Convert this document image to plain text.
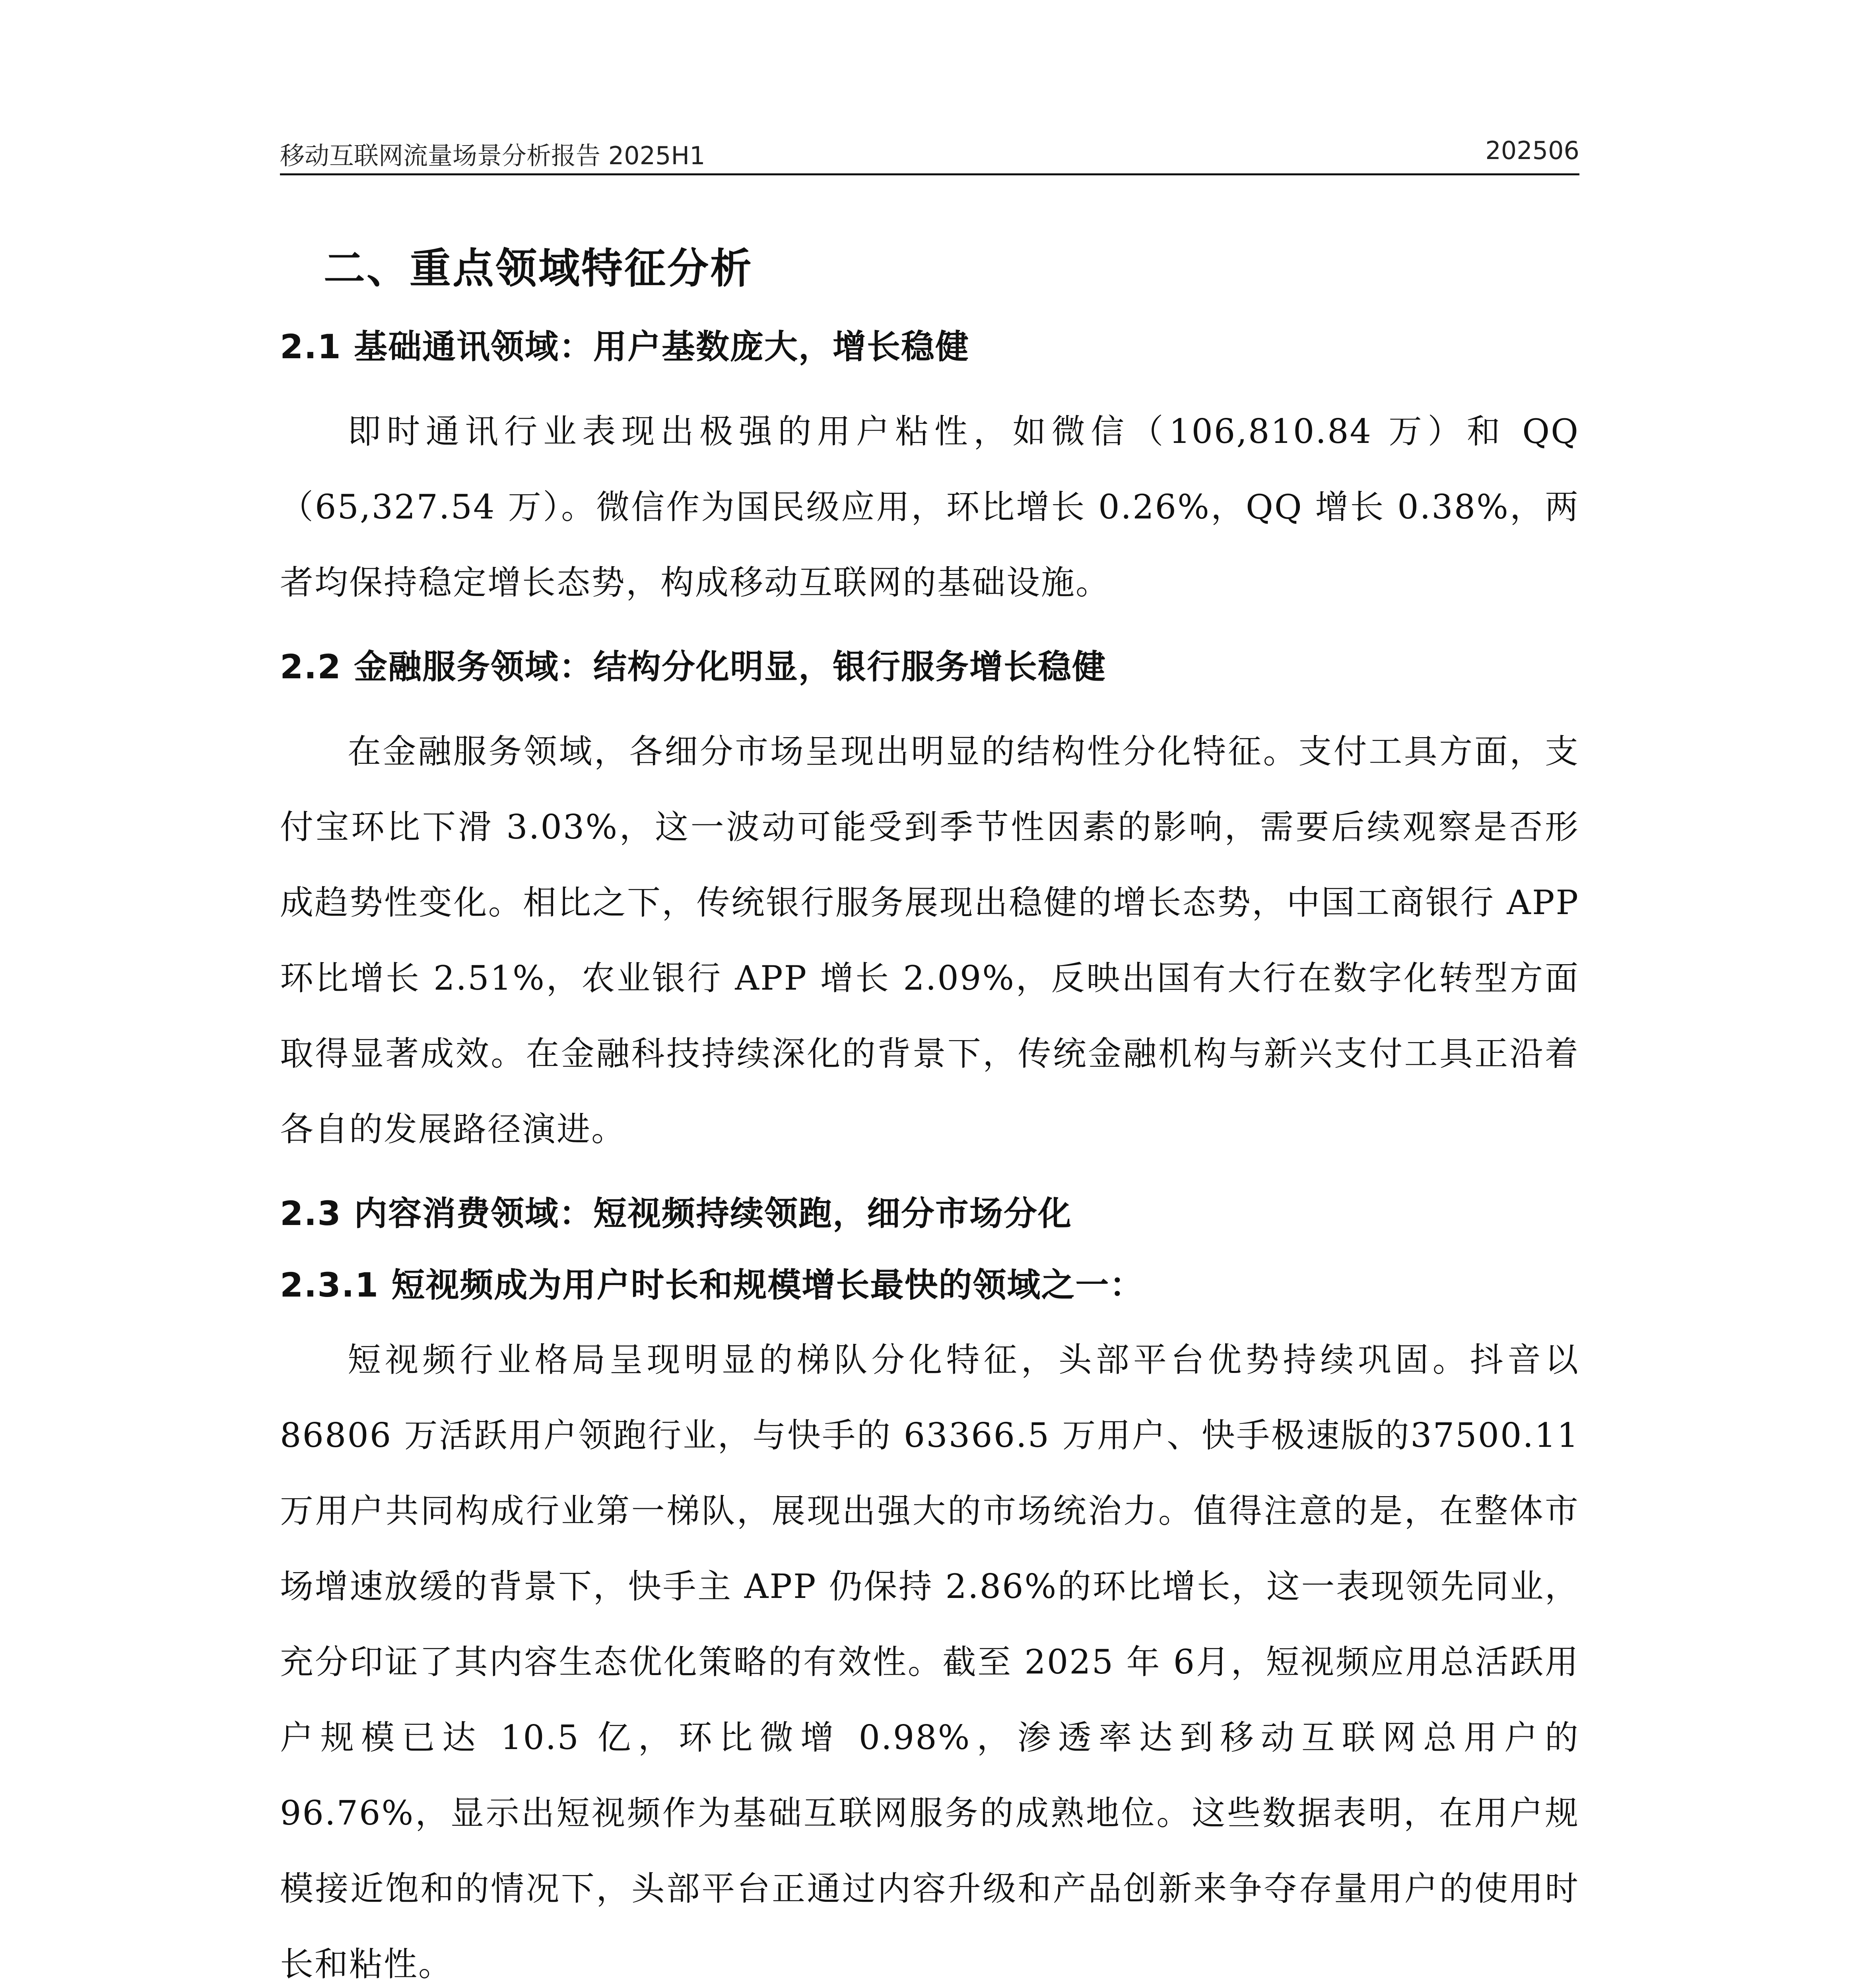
移动互联网流量场景分析报告 2025H1	202506
二、重点领域特征分析
2.1 基础通讯领域：用户基数庞大，增长稳健

即时通讯行业表现出极强的用户粘性，如微信（106,810.84 万）和 QQ（65,327.54 万）。微信作为国民级应用，环比增长 0.26%，QQ 增长 0.38%，两者均保持稳定增长态势，构成移动互联网的基础设施。

2.2 金融服务领域：结构分化明显，银行服务增长稳健

在金融服务领域，各细分市场呈现出明显的结构性分化特征。支付工具方面，支付宝环比下滑 3.03%，这一波动可能受到季节性因素的影响，需要后续观察是否形成趋势性变化。相比之下，传统银行服务展现出稳健的增长态势，中国工商银行 APP 环比增长 2.51%，农业银行 APP 增长 2.09%，反映出国有大行在数字化转型方面取得显著成效。在金融科技持续深化的背景下，传统金融机构与新兴支付工具正沿着各自的发展路径演进。

2.3 内容消费领域：短视频持续领跑，细分市场分化
2.3.1 短视频成为用户时长和规模增长最快的领域之一：

短视频行业格局呈现明显的梯队分化特征，头部平台优势持续巩固。抖音以 86806 万活跃用户领跑行业，与快手的 63366.5 万用户、快手极速版的37500.11 万用户共同构成行业第一梯队，展现出强大的市场统治力。值得注意的是，在整体市场增速放缓的背景下，快手主 APP 仍保持 2.86%的环比增长，这一表现领先同业，充分印证了其内容生态优化策略的有效性。截至 2025 年 6月，短视频应用总活跃用户规模已达 10.5 亿，环比微增 0.98%，渗透率达到移动互联网总用户的 96.76%，显示出短视频作为基础互联网服务的成熟地位。这些数据表明，在用户规模接近饱和的情况下，头部平台正通过内容升级和产品创新来争夺存量用户的使用时长和粘性。
